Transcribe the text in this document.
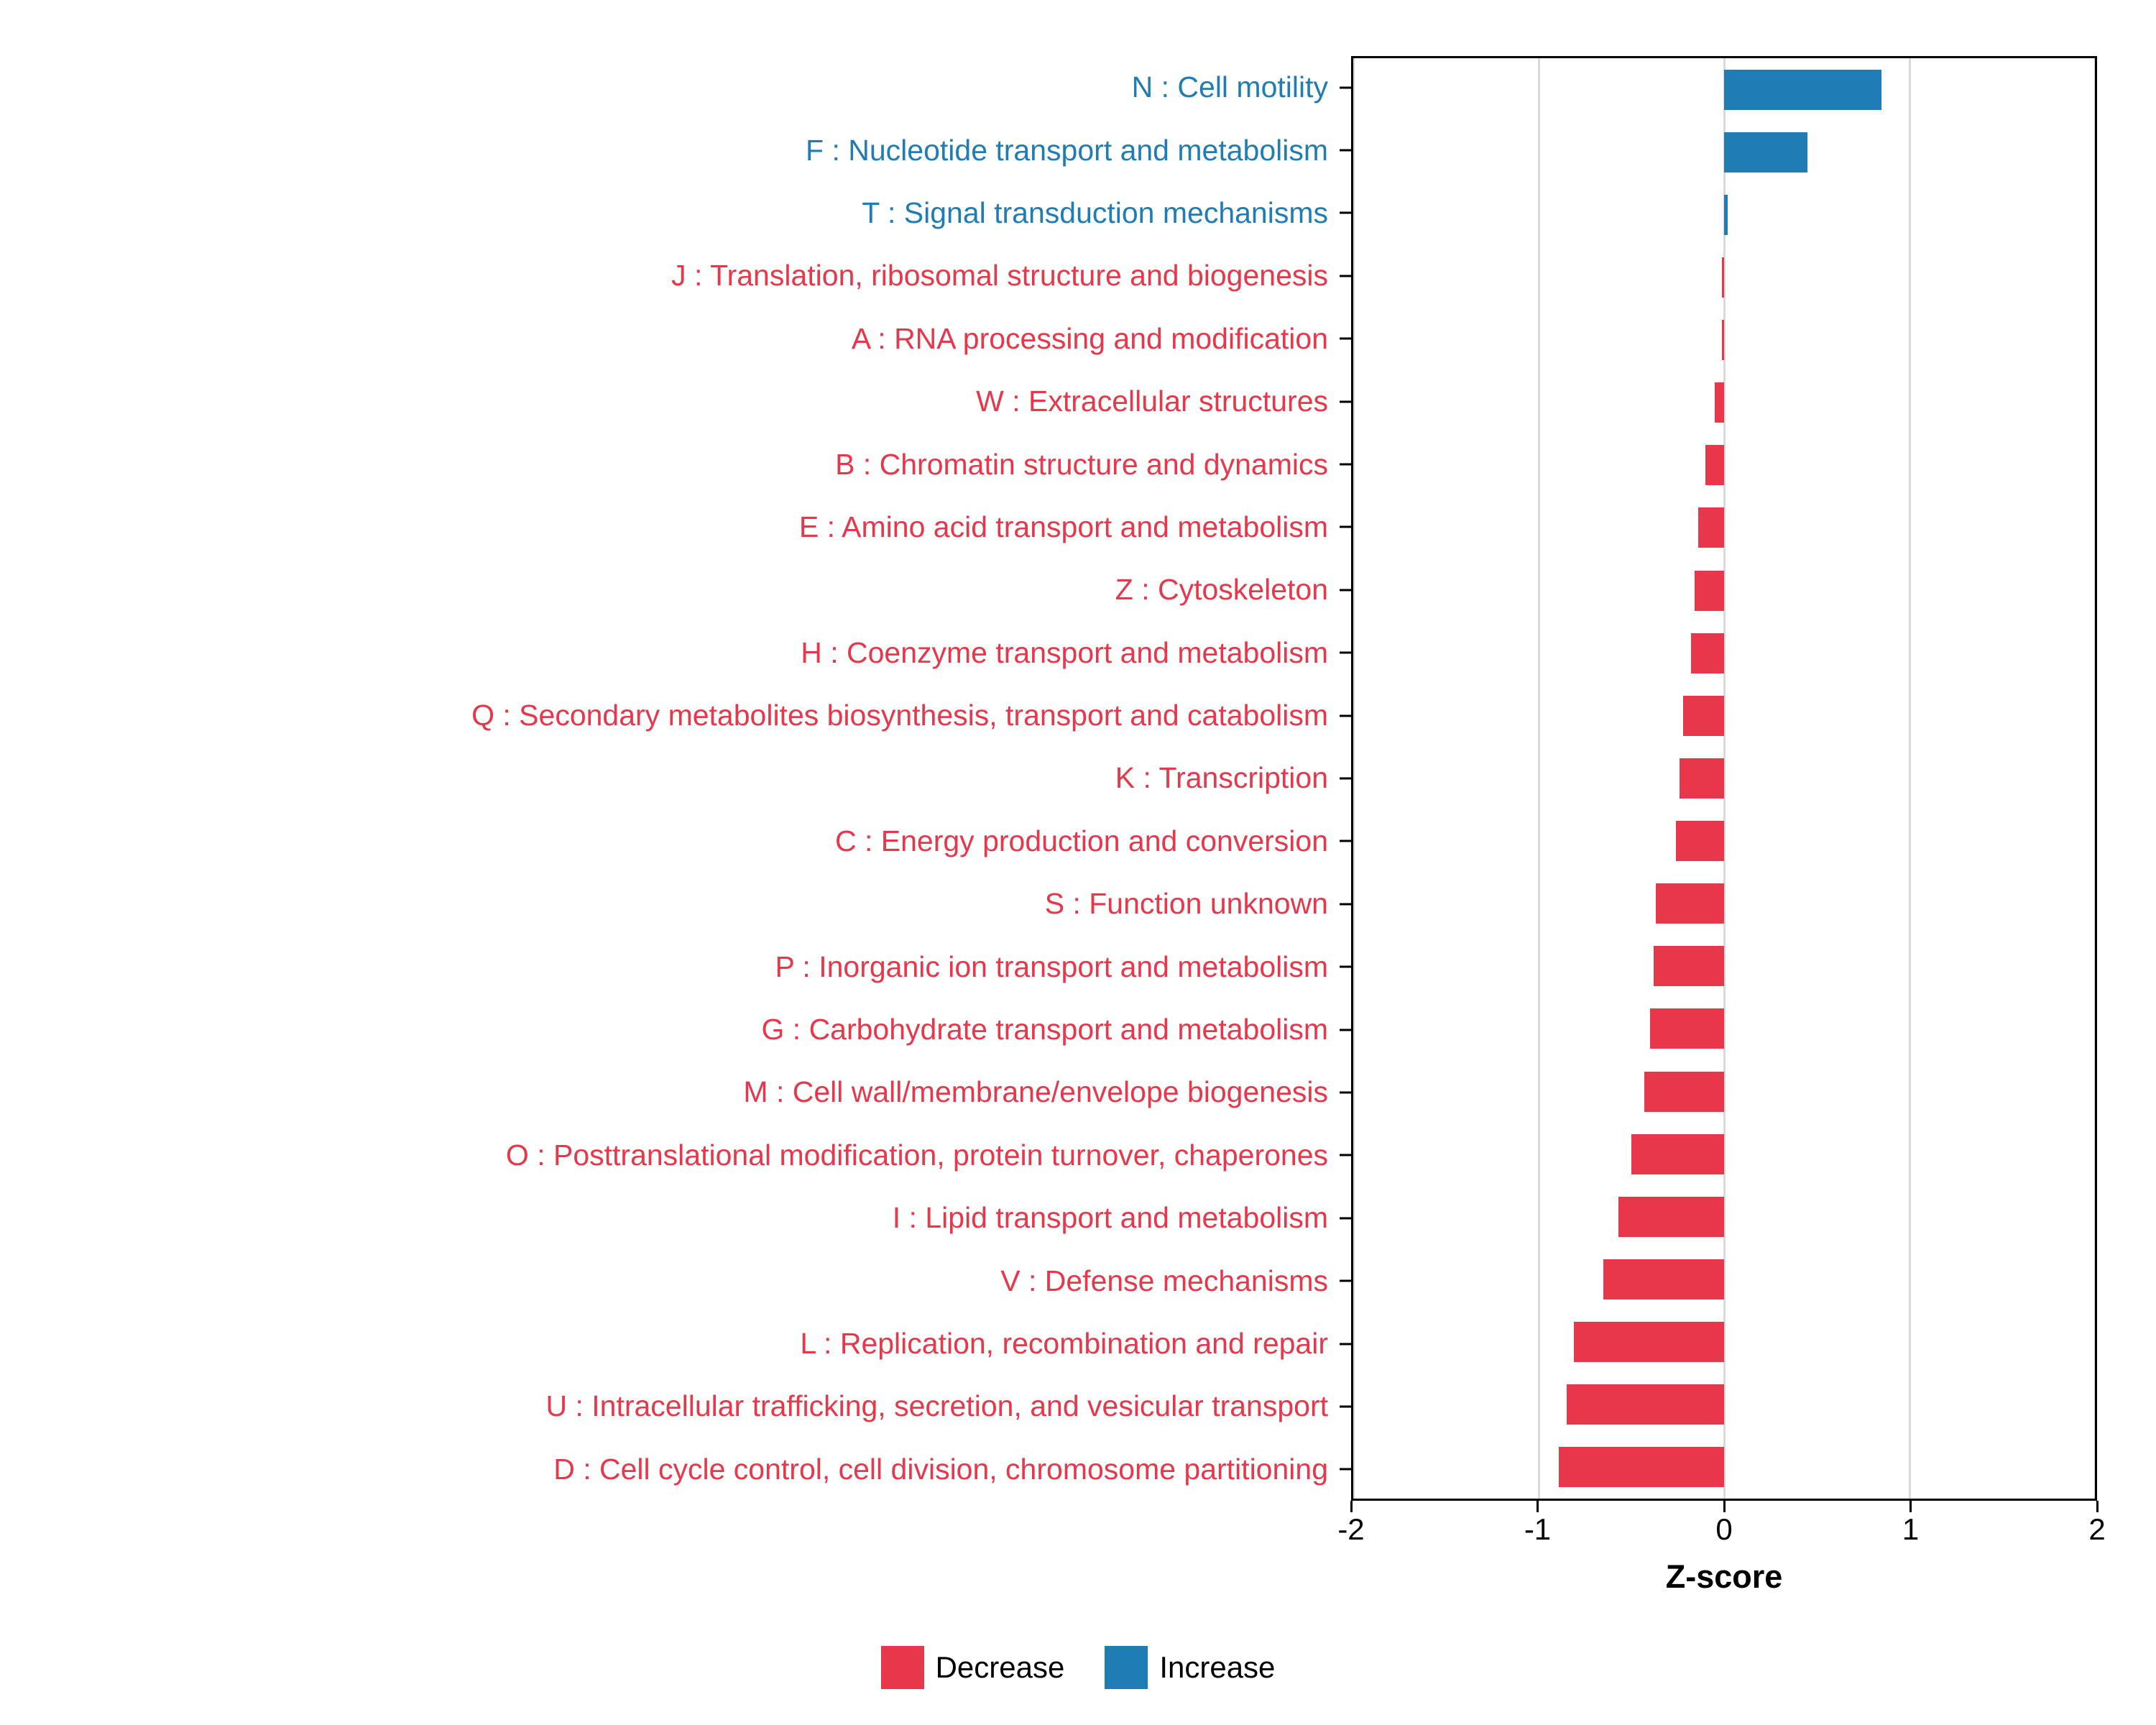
N : Cell motility
F : Nucleotide transport and metabolism
T : Signal transduction mechanisms
J : Translation, ribosomal structure and biogenesis
A : RNA processing and modification
W : Extracellular structures
B : Chromatin structure and dynamics
E : Amino acid transport and metabolism
Z : Cytoskeleton
H : Coenzyme transport and metabolism
Q : Secondary metabolites biosynthesis, transport and catabolism
K : Transcription
C : Energy production and conversion
S : Function unknown
P : Inorganic ion transport and metabolism
G : Carbohydrate transport and metabolism
M : Cell wall/membrane/envelope biogenesis
O : Posttranslational modification, protein turnover, chaperones
I : Lipid transport and metabolism
V : Defense mechanisms
L : Replication, recombination and repair
U : Intracellular trafficking, secretion, and vesicular transport
D : Cell cycle control, cell division, chromosome partitioning
-2	-1	0	1	2
Z-score
Decrease	Increase
